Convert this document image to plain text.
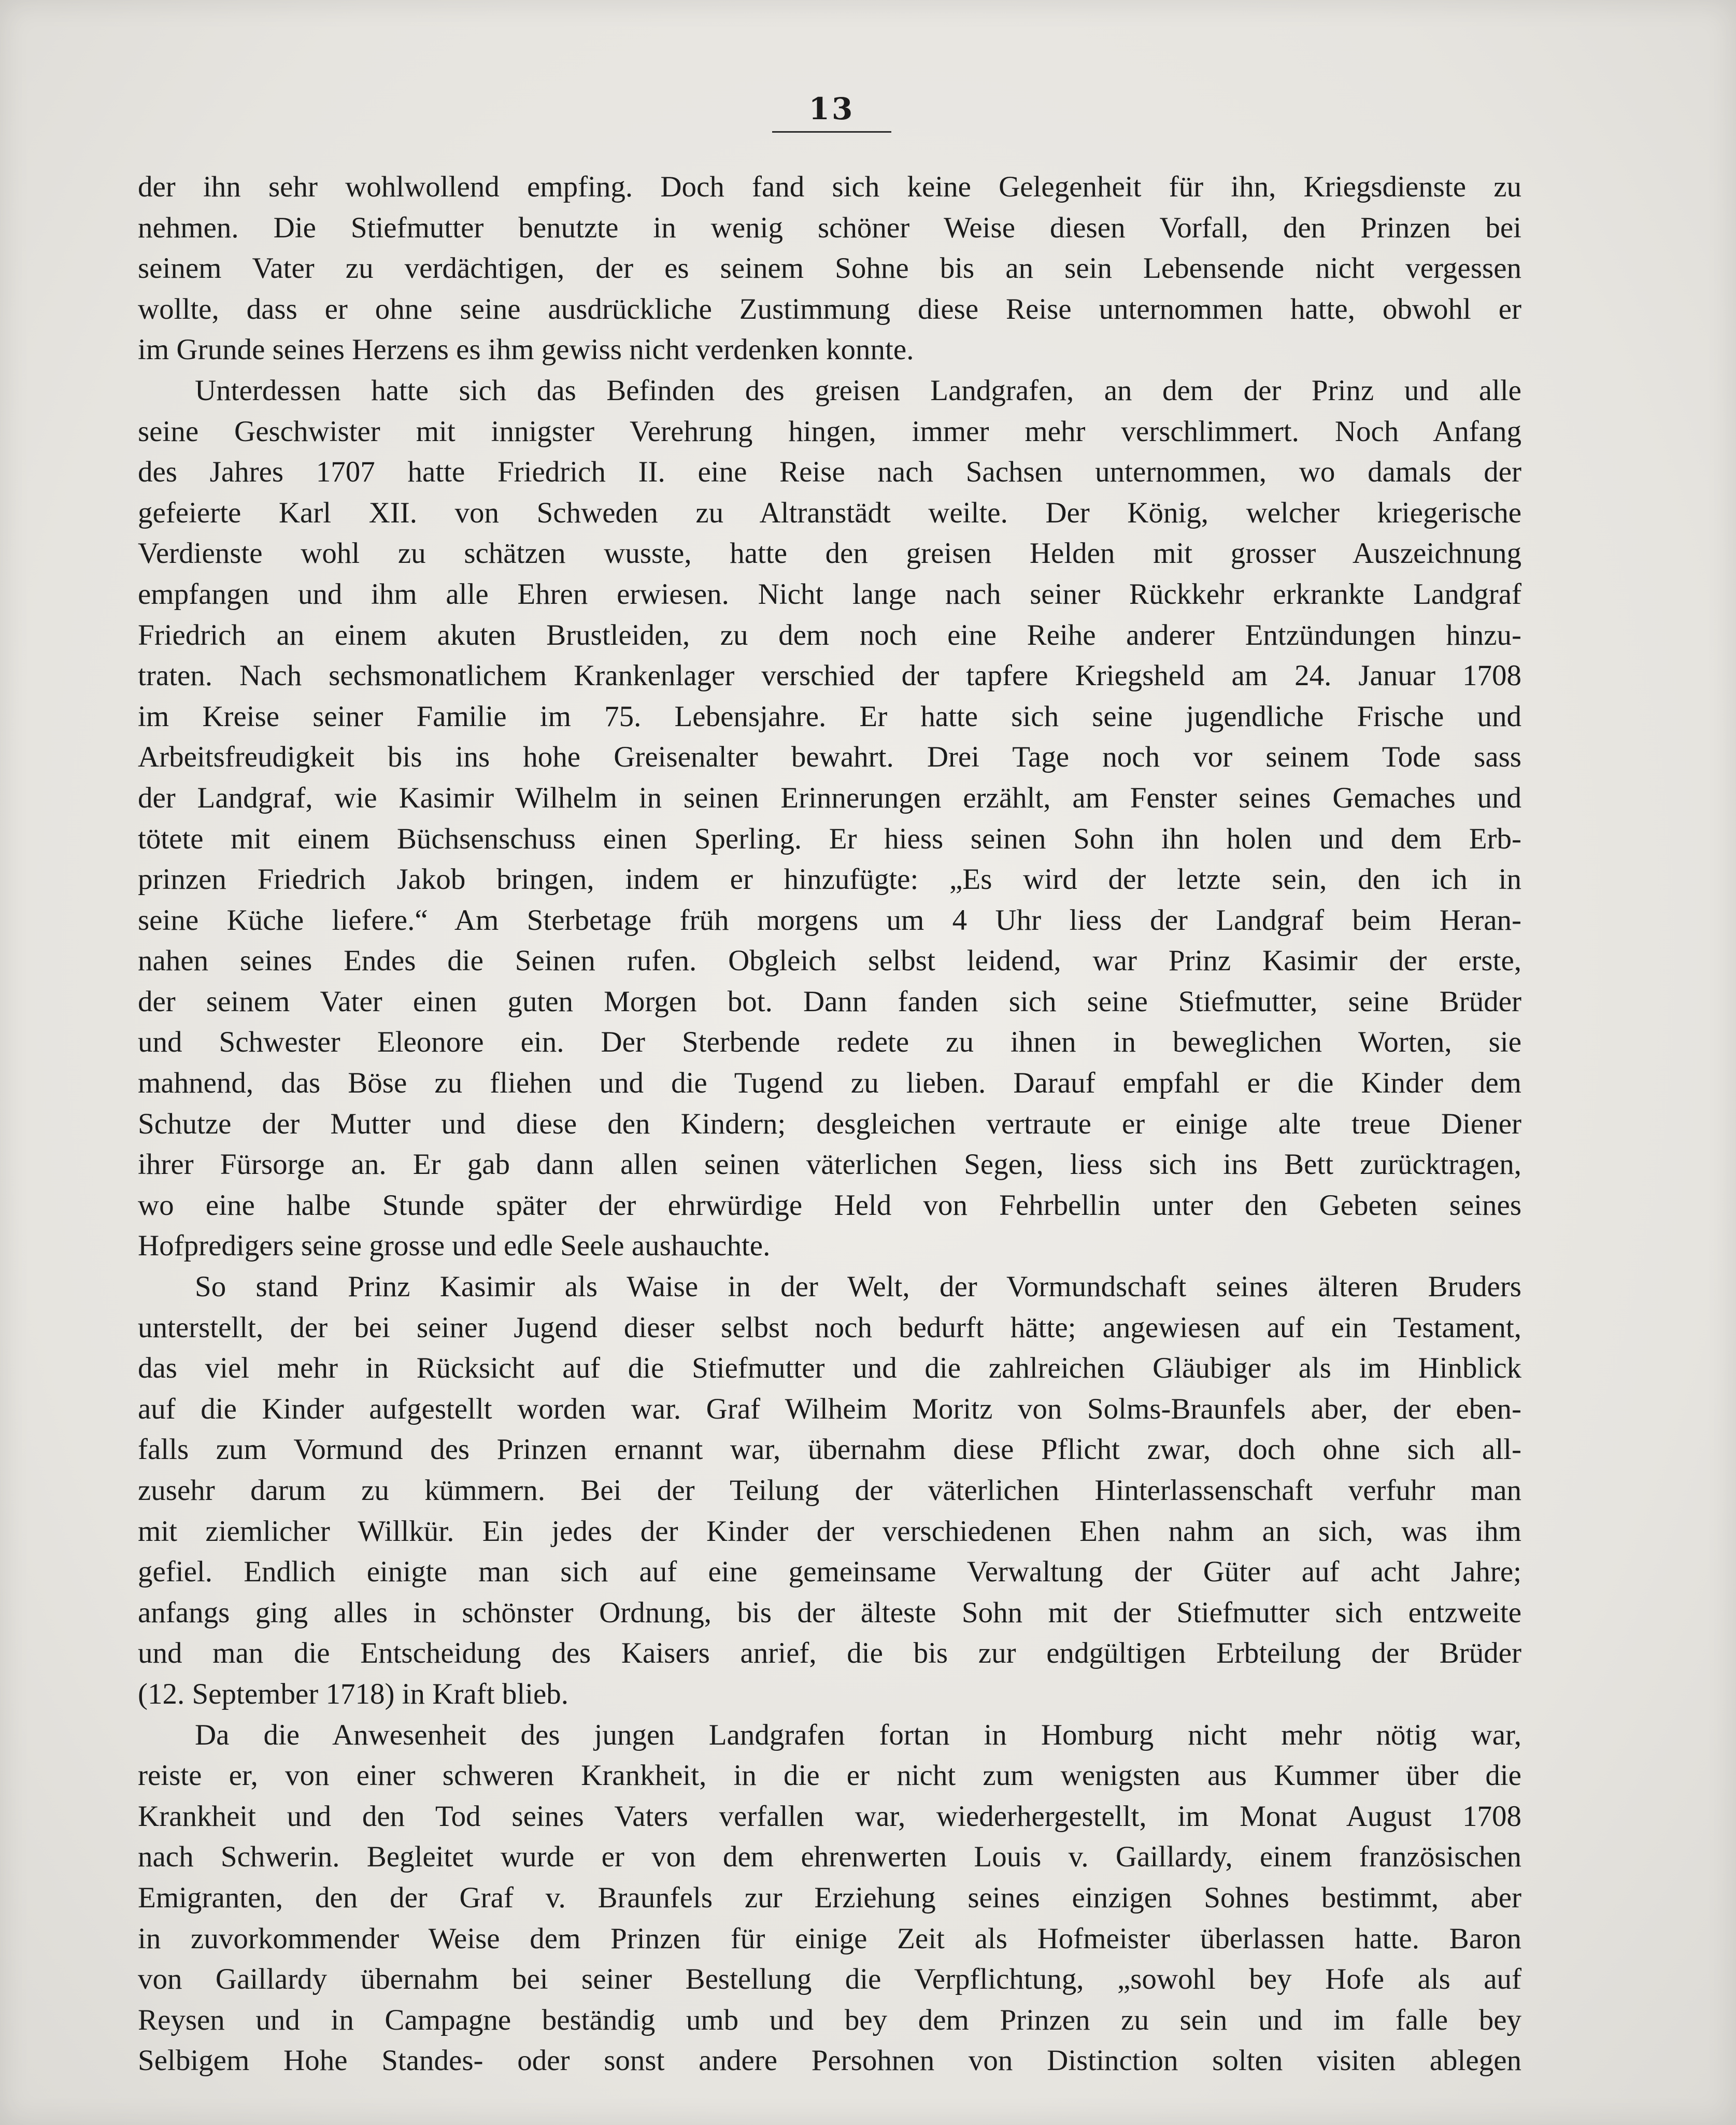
13
der ihn sehr wohlwollend empfing. Doch fand sich keine Gelegenheit für ihn, Kriegsdienste zu
nehmen. Die Stiefmutter benutzte in wenig schöner Weise diesen Vorfall, den Prinzen bei
seinem Vater zu verdächtigen, der es seinem Sohne bis an sein Lebensende nicht vergessen
wollte, dass er ohne seine ausdrückliche Zustimmung diese Reise unternommen hatte, obwohl er
im Grunde seines Herzens es ihm gewiss nicht verdenken konnte.
Unterdessen hatte sich das Befinden des greisen Landgrafen, an dem der Prinz und alle
seine Geschwister mit innigster Verehrung hingen, immer mehr verschlimmert. Noch Anfang
des Jahres 1707 hatte Friedrich II. eine Reise nach Sachsen unternommen, wo damals der
gefeierte Karl XII. von Schweden zu Altranstädt weilte. Der König, welcher kriegerische
Verdienste wohl zu schätzen wusste, hatte den greisen Helden mit grosser Auszeichnung
empfangen und ihm alle Ehren erwiesen. Nicht lange nach seiner Rückkehr erkrankte Landgraf
Friedrich an einem akuten Brustleiden, zu dem noch eine Reihe anderer Entzündungen hinzu-
traten. Nach sechsmonatlichem Krankenlager verschied der tapfere Kriegsheld am 24. Januar 1708
im Kreise seiner Familie im 75. Lebensjahre. Er hatte sich seine jugendliche Frische und
Arbeitsfreudigkeit bis ins hohe Greisenalter bewahrt. Drei Tage noch vor seinem Tode sass
der Landgraf, wie Kasimir Wilhelm in seinen Erinnerungen erzählt, am Fenster seines Gemaches und
tötete mit einem Büchsenschuss einen Sperling. Er hiess seinen Sohn ihn holen und dem Erb-
prinzen Friedrich Jakob bringen, indem er hinzufügte: „Es wird der letzte sein, den ich in
seine Küche liefere.“ Am Sterbetage früh morgens um 4 Uhr liess der Landgraf beim Heran-
nahen seines Endes die Seinen rufen. Obgleich selbst leidend, war Prinz Kasimir der erste,
der seinem Vater einen guten Morgen bot. Dann fanden sich seine Stiefmutter, seine Brüder
und Schwester Eleonore ein. Der Sterbende redete zu ihnen in beweglichen Worten, sie
mahnend, das Böse zu fliehen und die Tugend zu lieben. Darauf empfahl er die Kinder dem
Schutze der Mutter und diese den Kindern; desgleichen vertraute er einige alte treue Diener
ihrer Fürsorge an. Er gab dann allen seinen väterlichen Segen, liess sich ins Bett zurücktragen,
wo eine halbe Stunde später der ehrwürdige Held von Fehrbellin unter den Gebeten seines
Hofpredigers seine grosse und edle Seele aushauchte.
So stand Prinz Kasimir als Waise in der Welt, der Vormundschaft seines älteren Bruders
unterstellt, der bei seiner Jugend dieser selbst noch bedurft hätte; angewiesen auf ein Testament,
das viel mehr in Rücksicht auf die Stiefmutter und die zahlreichen Gläubiger als im Hinblick
auf die Kinder aufgestellt worden war. Graf Wilheim Moritz von Solms-Braunfels aber, der eben-
falls zum Vormund des Prinzen ernannt war, übernahm diese Pflicht zwar, doch ohne sich all-
zusehr darum zu kümmern. Bei der Teilung der väterlichen Hinterlassenschaft verfuhr man
mit ziemlicher Willkür. Ein jedes der Kinder der verschiedenen Ehen nahm an sich, was ihm
gefiel. Endlich einigte man sich auf eine gemeinsame Verwaltung der Güter auf acht Jahre;
anfangs ging alles in schönster Ordnung, bis der älteste Sohn mit der Stiefmutter sich entzweite
und man die Entscheidung des Kaisers anrief, die bis zur endgültigen Erbteilung der Brüder
(12. September 1718) in Kraft blieb.
Da die Anwesenheit des jungen Landgrafen fortan in Homburg nicht mehr nötig war,
reiste er, von einer schweren Krankheit, in die er nicht zum wenigsten aus Kummer über die
Krankheit und den Tod seines Vaters verfallen war, wiederhergestellt, im Monat August 1708
nach Schwerin. Begleitet wurde er von dem ehrenwerten Louis v. Gaillardy, einem französischen
Emigranten, den der Graf v. Braunfels zur Erziehung seines einzigen Sohnes bestimmt, aber
in zuvorkommender Weise dem Prinzen für einige Zeit als Hofmeister überlassen hatte. Baron
von Gaillardy übernahm bei seiner Bestellung die Verpflichtung, „sowohl bey Hofe als auf
Reysen und in Campagne beständig umb und bey dem Prinzen zu sein und im falle bey
Selbigem Hohe Standes- oder sonst andere Persohnen von Distinction solten visiten ablegen
